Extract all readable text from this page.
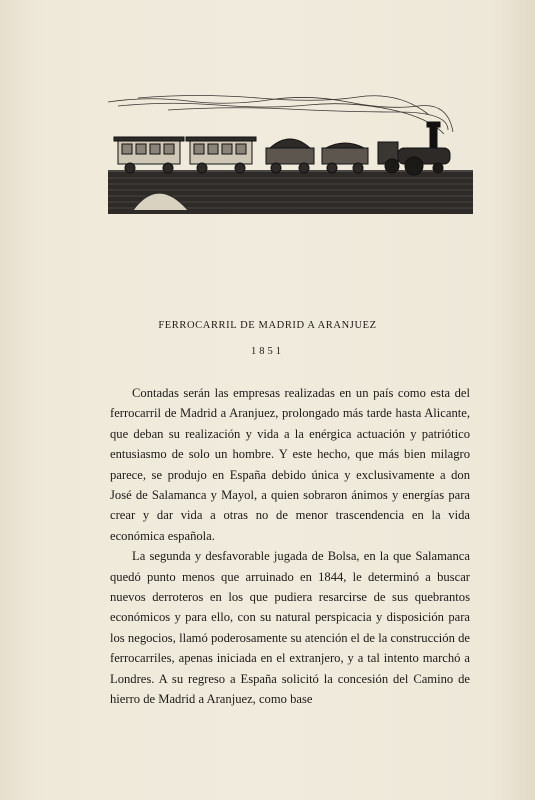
FERROCARRIL DE MADRID A ARANJUEZ
1851

Contadas serán las empresas realizadas en un país como esta del ferrocarril de Madrid a Aranjuez, prolongado más tarde hasta Alicante, que deban su realización y vida a la enérgica actuación y patriótico entusiasmo de solo un hombre. Y este hecho, que más bien milagro parece, se produjo en España debido única y exclusivamente a don José de Salamanca y Mayol, a quien sobraron ánimos y energías para crear y dar vida a otras no de menor trascendencia en la vida económica española.

La segunda y desfavorable jugada de Bolsa, en la que Salamanca quedó punto menos que arruinado en 1844, le determinó a buscar nuevos derroteros en los que pudiera resarcirse de sus quebrantos económicos y para ello, con su natural perspicacia y disposición para los negocios, llamó poderosamente su atención el de la construcción de ferrocarriles, apenas iniciada en el extranjero, y a tal intento marchó a Londres. A su regreso a España solicitó la concesión del Camino de hierro de Madrid a Aranjuez, como base
